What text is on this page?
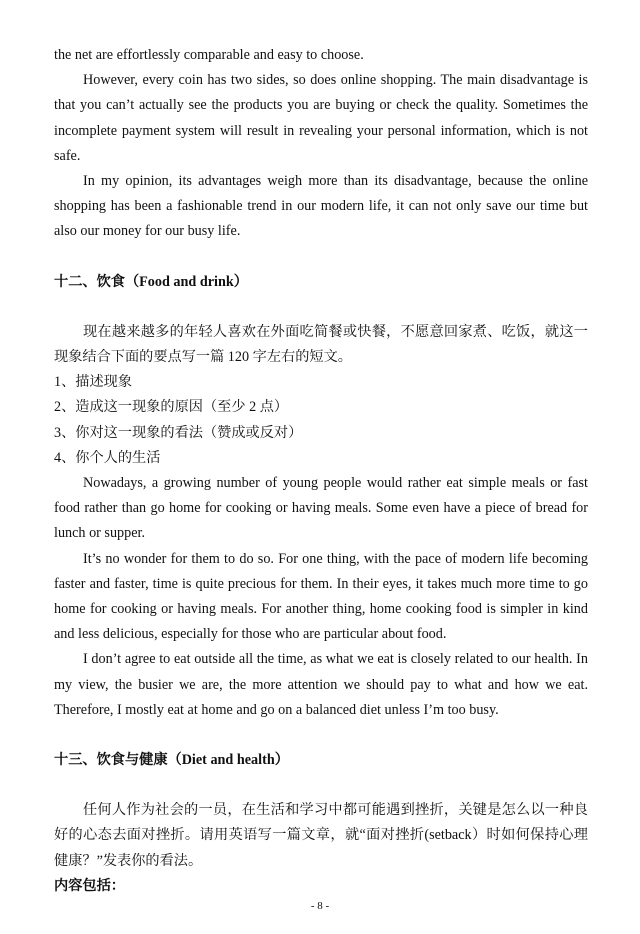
the net are effortlessly comparable and easy to choose.

However, every coin has two sides, so does online shopping. The main disadvantage is that you can’t actually see the products you are buying or check the quality. Sometimes the incomplete payment system will result in revealing your personal information, which is not safe.

In my opinion, its advantages weigh more than its disadvantage, because the online shopping has been a fashionable trend in our modern life, it can not only save our time but also our money for our busy life.

十二、饮食（Food and drink）

现在越来越多的年轻人喜欢在外面吃简餐或快餐，不愿意回家煮、吃饭，就这一现象结合下面的要点写一篇 120 字左右的短文。

1、描述现象

2、造成这一现象的原因（至少 2 点）

3、你对这一现象的看法（赞成或反对）

4、你个人的生活

Nowadays, a growing number of young people would rather eat simple meals or fast food rather than go home for cooking or having meals. Some even have a piece of bread for lunch or supper.

It’s no wonder for them to do so. For one thing, with the pace of modern life becoming faster and faster, time is quite precious for them. In their eyes, it takes much more time to go home for cooking or having meals. For another thing, home cooking food is simpler in kind and less delicious, especially for those who are particular about food.

I don’t agree to eat outside all the time, as what we eat is closely related to our health. In my view, the busier we are, the more attention we should pay to what and how we eat. Therefore, I mostly eat at home and go on a balanced diet unless I’m too busy.

十三、饮食与健康（Diet and health）

任何人作为社会的一员，在生活和学习中都可能遇到挫折，关键是怎么以一种良好的心态去面对挫折。请用英语写一篇文章，就“面对挫折(setback）时如何保持心理健康？”发表你的看法。

内容包括：

- 8 -
